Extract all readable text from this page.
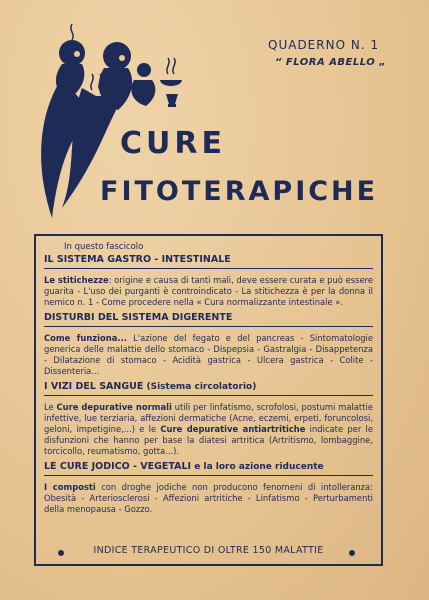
QUADERNO N. 1
“ FLORA ABELLO „
CURE
FITOTERAPICHE
In questo fascicolo
IL SISTEMA GASTRO - INTESTINALE
Le stitichezze: origine e causa di tanti mali, deve essere curata e può essere guarita - L'uso dei purganti è controindicato - La stitichezza è per la donna il nemico n. 1 - Come procedere nella « Cura normalizzante intestinale ».
DISTURBI DEL SISTEMA DIGERENTE
Come funziona... L'azione del fegato e del pancreas - Sintomatologie generica delle malattie dello stomaco - Dispepsia - Gastralgia - Disappetenza - Dilatazione di stomaco - Acidità gastrica - Ulcera gastrica - Colite - Dissenteria...
I VIZI DEL SANGUE (Sistema circolatorio)
Le Cure depurative normali utili per linfatismo, scrofolosi, postumi malattie infettive, lue terziaria, affezioni dermatiche (Acne, eczemi, erpeti, foruncolosi, geloni, impetigine,...) e le Cure depurative antiartritiche indicate per le disfunzioni che hanno per base la diatesi artritica (Artritismo, lombaggine, torcicollo, reumatismo, gotta...).
LE CURE JODICO - VEGETALI e la loro azione riducente
I composti con droghe jodiche non producono fenomeni di intolleranza: Obesità - Arteriosclerosi - Affezioni artritiche - Linfatismo - Perturbamenti della menopausa - Gozzo.
INDICE TERAPEUTICO DI OLTRE 150 MALATTIE
